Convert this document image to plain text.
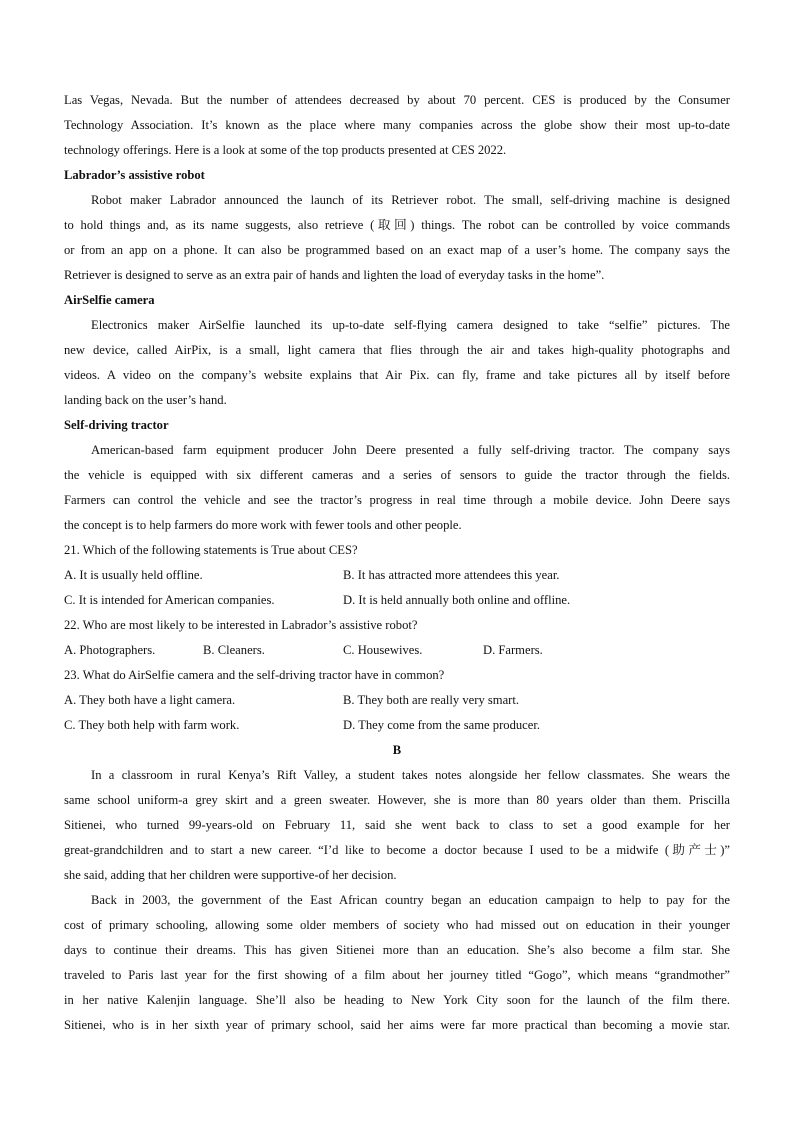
Las Vegas, Nevada. But the number of attendees decreased by about 70 percent. CES is produced by the Consumer
Technology Association. It’s known as the place where many companies across the globe show their most up-to-date
technology offerings. Here is a look at some of the top products presented at CES 2022.
Labrador’s assistive robot
Robot maker Labrador announced the launch of its Retriever robot. The small, self-driving machine is designed
to hold things and, as its name suggests, also retrieve (取回) things. The robot can be controlled by voice commands
or from an app on a phone. It can also be programmed based on an exact map of a user’s home. The company says the
Retriever is designed to serve as an extra pair of hands and lighten the load of everyday tasks in the home”.
AirSelfie camera
Electronics maker AirSelfie launched its up-to-date self-flying camera designed to take “selfie” pictures. The
new device, called AirPix, is a small, light camera that flies through the air and takes high-quality photographs and
videos. A video on the company’s website explains that Air Pix. can fly, frame and take pictures all by itself before
landing back on the user’s hand.
Self-driving tractor
American-based farm equipment producer John Deere presented a fully self-driving tractor. The company says
the vehicle is equipped with six different cameras and a series of sensors to guide the tractor through the fields.
Farmers can control the vehicle and see the tractor’s progress in real time through a mobile device. John Deere says
the concept is to help farmers do more work with fewer tools and other people.
21. Which of the following statements is True about CES?
A. It is usually held offline.	B. It has attracted more attendees this year.
C. It is intended for American companies.	D. It is held annually both online and offline.
22. Who are most likely to be interested in Labrador’s assistive robot?
A. Photographers.	B. Cleaners.	C. Housewives.	D. Farmers.
23. What do AirSelfie camera and the self-driving tractor have in common?
A. They both have a light camera.	B. They both are really very smart.
C. They both help with farm work.	D. They come from the same producer.
B
In a classroom in rural Kenya’s Rift Valley, a student takes notes alongside her fellow classmates. She wears the
same school uniform-a grey skirt and a green sweater. However, she is more than 80 years older than them. Priscilla
Sitienei, who turned 99-years-old on February 11, said she went back to class to set a good example for her
great-grandchildren and to start a new career. “I’d like to become a doctor because I used to be a midwife (助产士)”
she said, adding that her children were supportive-of her decision.
Back in 2003, the government of the East African country began an education campaign to help to pay for the
cost of primary schooling, allowing some older members of society who had missed out on education in their younger
days to continue their dreams. This has given Sitienei more than an education. She’s also become a film star. She
traveled to Paris last year for the first showing of a film about her journey titled “Gogo”, which means “grandmother”
in her native Kalenjin language. She’ll also be heading to New York City soon for the launch of the film there.
Sitienei, who is in her sixth year of primary school, said her aims were far more practical than becoming a movie star.
